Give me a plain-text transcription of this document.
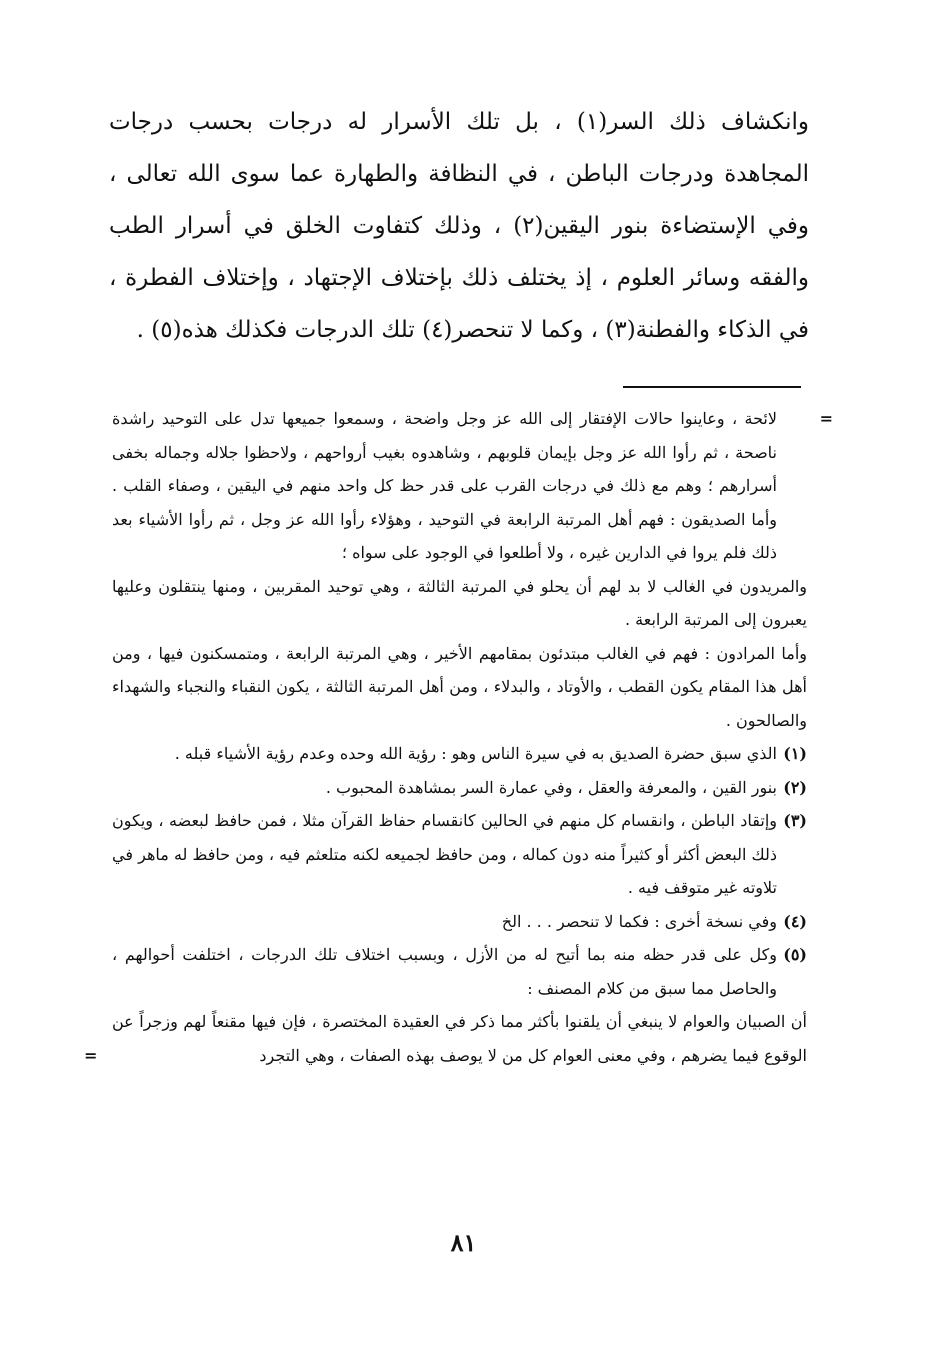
وانكشاف ذلك السر(١) ، بل تلك الأسرار له درجات بحسب درجات المجاهدة ودرجات الباطن ، في النظافة والطهارة عما سوى الله تعالى ، وفي الإستضاءة بنور اليقين(٢) ، وذلك كتفاوت الخلق في أسرار الطب والفقه وسائر العلوم ، إذ يختلف ذلك بإختلاف الإجتهاد ، وإختلاف الفطرة ، في الذكاء والفطنة(٣) ، وكما لا تنحصر(٤) تلك الدرجات فكذلك هذه(٥) .

=
لائحة ، وعاينوا حالات الإفتقار إلى الله عز وجل واضحة ، وسمعوا جميعها تدل على التوحيد راشدة ناصحة ، ثم رأوا الله عز وجل بإيمان قلوبهم ، وشاهدوه بغيب أرواحهم ، ولاحظوا جلاله وجماله بخفى أسرارهم ؛ وهم مع ذلك في درجات القرب على قدر حظ كل واحد منهم في اليقين ، وصفاء القلب . وأما الصديقون : فهم أهل المرتبة الرابعة في التوحيد ، وهؤلاء رأوا الله عز وجل ، ثم رأوا الأشياء بعد ذلك فلم يروا في الدارين غيره ، ولا أطلعوا في الوجود على سواه ؛

والمريدون في الغالب لا بد لهم أن يحلو في المرتبة الثالثة ، وهي توحيد المقربين ، ومنها ينتقلون وعليها يعبرون إلى المرتبة الرابعة .

وأما المرادون : فهم في الغالب مبتدئون بمقامهم الأخير ، وهي المرتبة الرابعة ، ومتمسكنون فيها ، ومن أهل هذا المقام يكون القطب ، والأوتاد ، والبدلاء ، ومن أهل المرتبة الثالثة ، يكون النقباء والنجباء والشهداء والصالحون .

(١)
الذي سبق حضرة الصديق به في سيرة الناس وهو : رؤية الله وحده وعدم رؤية الأشياء قبله .
(٢)
بنور القين ، والمعرفة والعقل ، وفي عمارة السر بمشاهدة المحبوب .
(٣)
وإتقاد الباطن ، وانقسام كل منهم في الحالين كانقسام حفاظ القرآن مثلا ، فمن حافظ لبعضه ، ويكون ذلك البعض أكثر أو كثيراً منه دون كماله ، ومن حافظ لجميعه لكنه متلعثم فيه ، ومن حافظ له ماهر في تلاوته غير متوقف فيه .
(٤)
وفي نسخة أخرى : فكما لا تنحصر . . . الخ
(٥)
وكل على قدر حظه منه بما أتيح له من الأزل ، وبسبب اختلاف تلك الدرجات ، اختلفت أحوالهم ، والحاصل مما سبق من كلام المصنف :
أن الصبيان والعوام لا ينبغي أن يلقنوا بأكثر مما ذكر في العقيدة المختصرة ، فإن فيها مقنعاً لهم وزجراً عن الوقوع فيما يضرهم ، وفي معنى العوام كل من لا يوصف بهذه الصفات ، وهي التجرد
=
٨١
